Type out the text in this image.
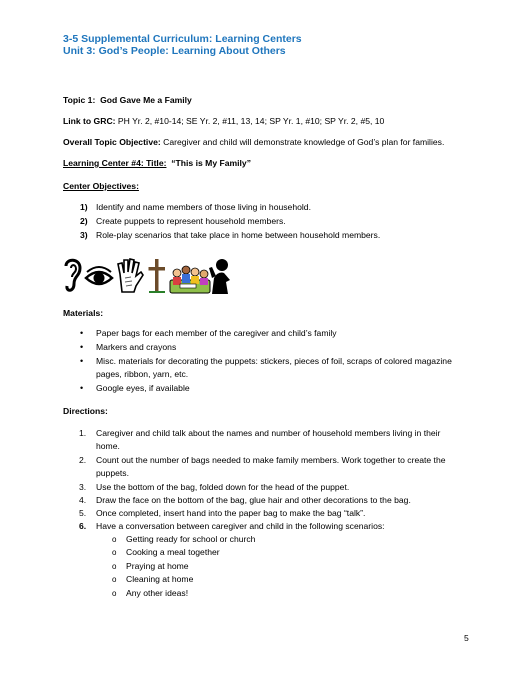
3-5 Supplemental Curriculum: Learning Centers
Unit 3: God’s People: Learning About Others
Topic 1: God Gave Me a Family
Link to GRC: PH Yr. 2, #10-14; SE Yr. 2, #11, 13, 14; SP Yr. 1, #10; SP Yr. 2, #5, 10
Overall Topic Objective: Caregiver and child will demonstrate knowledge of God’s plan for families.
Learning Center #4: Title: “This is My Family”
Center Objectives:
1) Identify and name members of those living in household.
2) Create puppets to represent household members.
3) Role-play scenarios that take place in home between household members.
Materials:
• Paper bags for each member of the caregiver and child’s family
• Markers and crayons
• Misc. materials for decorating the puppets: stickers, pieces of foil, scraps of colored magazine
pages, ribbon, yarn, etc.
• Google eyes, if available
Directions:
1. Caregiver and child talk about the names and number of household members living in their
home.
2. Count out the number of bags needed to make family members. Work together to create the
puppets.
3. Use the bottom of the bag, folded down for the head of the puppet.
4. Draw the face on the bottom of the bag, glue hair and other decorations to the bag.
5. Once completed, insert hand into the paper bag to make the bag “talk”.
6. Have a conversation between caregiver and child in the following scenarios:
o Getting ready for school or church
o Cooking a meal together
o Praying at home
o Cleaning at home
o Any other ideas!
5
